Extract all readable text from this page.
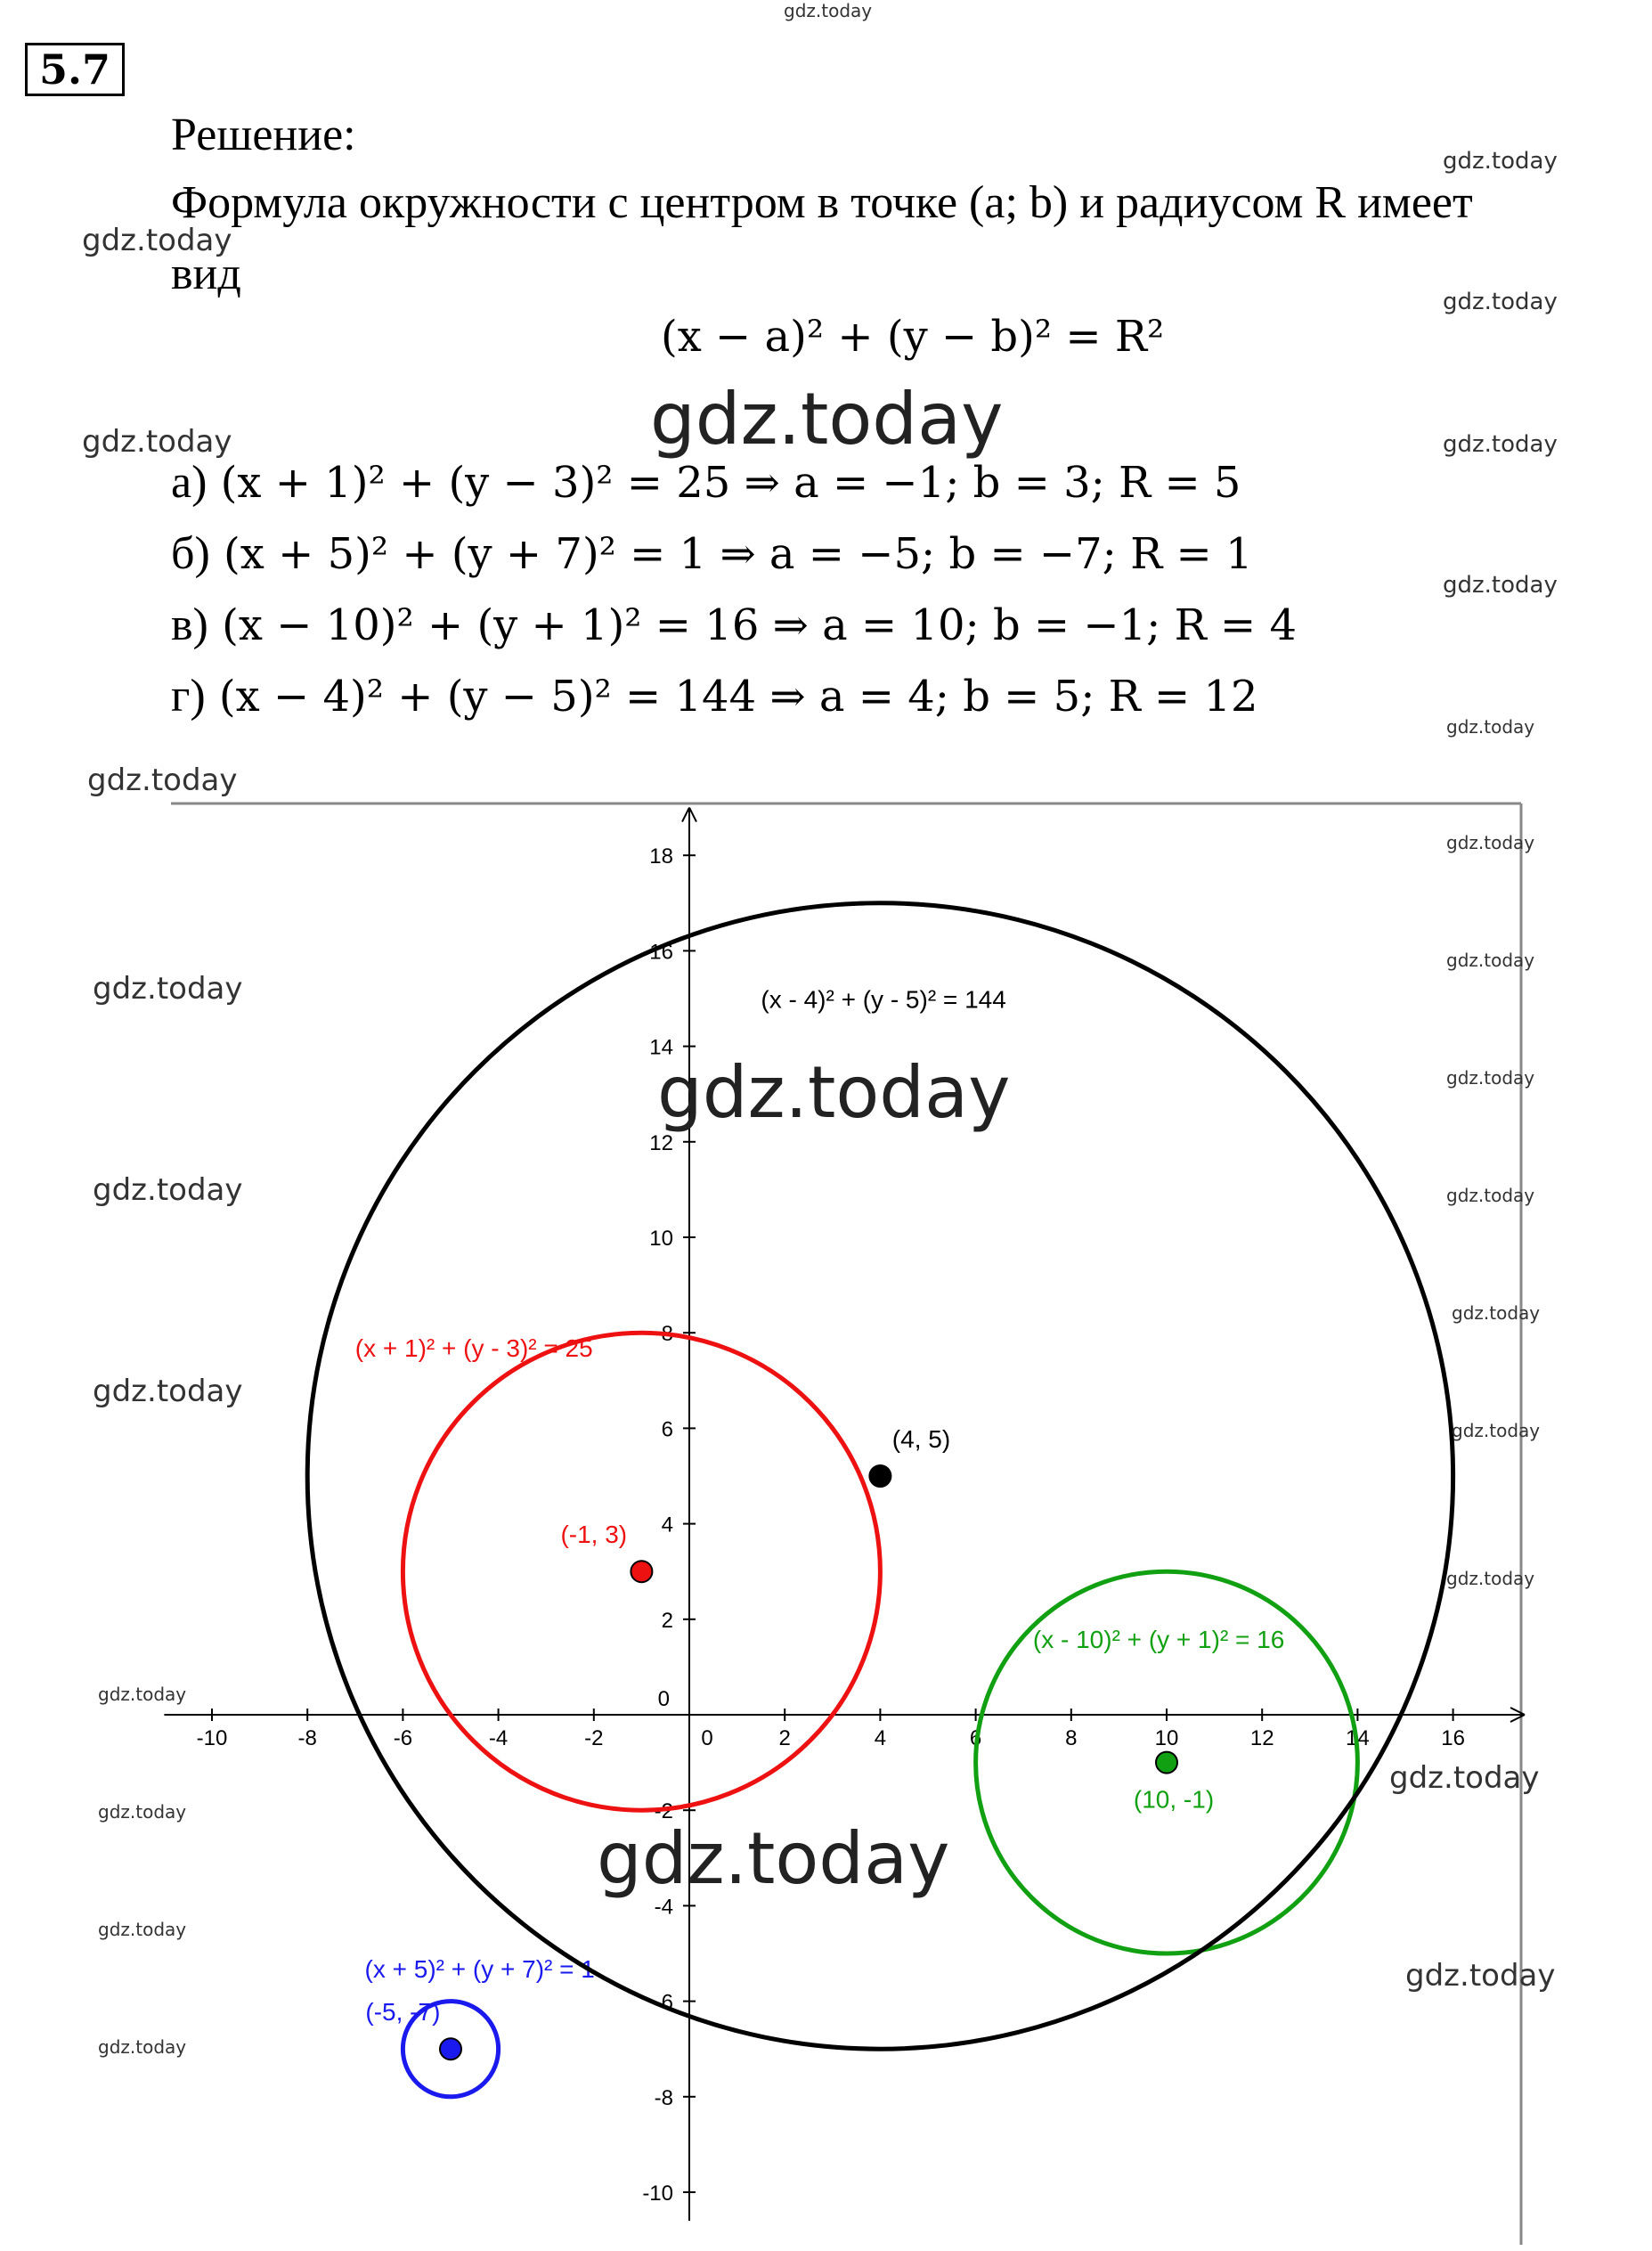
5.7
Решение:
Формула окружности с центром в точке (a; b) и радиусом R имеет
вид
(x − a)² + (y − b)² = R²
а) (x + 1)² + (y − 3)² = 25 ⇒ a = −1; b = 3; R = 5
б) (x + 5)² + (y + 7)² = 1 ⇒ a = −5; b = −7; R = 1
в) (x − 10)² + (y + 1)² = 16 ⇒ a = 10; b = −1; R = 4
г) (x − 4)² + (y − 5)² = 144 ⇒ a = 4; b = 5; R = 12
-10	-8	-6	-4	-2	0	2	4	6	8	10	12	14	16
-10
-8
-6
-4
-2
0
2
4
6
8
10
12
14
16
18
(x + 1)² + (y - 3)² = 25
(-1, 3)
(x + 5)² + (y + 7)² = 1
(-5, -7)
(x - 10)² + (y + 1)² = 16
(10, -1)
(x - 4)² + (y - 5)² = 144
(4, 5)
gdz.today
gdz.today
gdz.today
gdz.today
gdz.today
gdz.today	gdz.today
gdz.today
gdz.today
gdz.today
gdz.today
gdz.today
gdz.today
gdz.today
gdz.today
gdz.today	gdz.today
gdz.today
gdz.today
gdz.today
gdz.today
gdz.today
gdz.today
gdz.today
gdz.today
gdz.today
gdz.today
gdz.today
